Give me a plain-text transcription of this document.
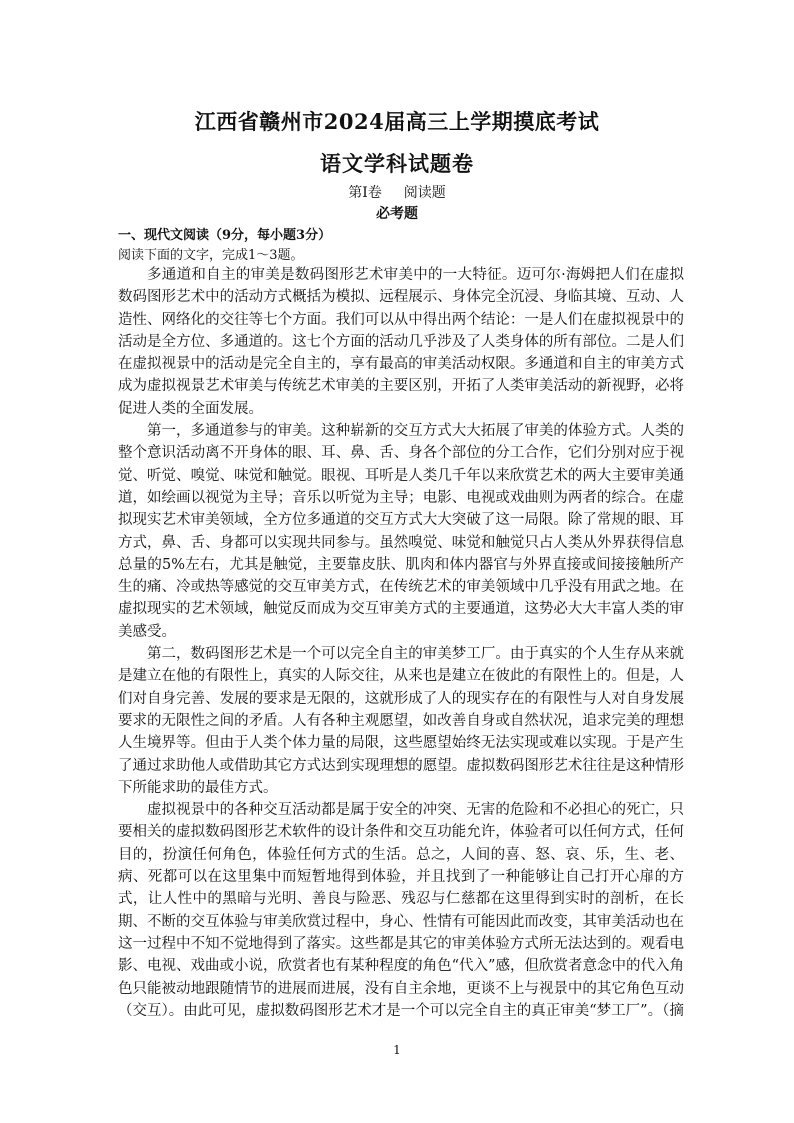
江西省赣州市2024届高三上学期摸底考试
语文学科试题卷
第Ⅰ卷 阅读题
必考题
一、现代文阅读（9分，每小题3分）
阅读下面的文字，完成1～3题。

多通道和自主的审美是数码图形艺术审美中的一大特征。迈可尔·海姆把人们在虚拟数码图形艺术中的活动方式概括为模拟、远程展示、身体完全沉浸、身临其境、互动、人造性、网络化的交往等七个方面。我们可以从中得出两个结论：一是人们在虚拟视景中的活动是全方位、多通道的。这七个方面的活动几乎涉及了人类身体的所有部位。二是人们在虚拟视景中的活动是完全自主的，享有最高的审美活动权限。多通道和自主的审美方式成为虚拟视景艺术审美与传统艺术审美的主要区别，开拓了人类审美活动的新视野，必将促进人类的全面发展。

第一，多通道参与的审美。这种崭新的交互方式大大拓展了审美的体验方式。人类的整个意识活动离不开身体的眼、耳、鼻、舌、身各个部位的分工合作，它们分别对应于视觉、听觉、嗅觉、味觉和触觉。眼视、耳听是人类几千年以来欣赏艺术的两大主要审美通道，如绘画以视觉为主导；音乐以听觉为主导；电影、电视或戏曲则为两者的综合。在虚拟现实艺术审美领域，全方位多通道的交互方式大大突破了这一局限。除了常规的眼、耳方式，鼻、舌、身都可以实现共同参与。虽然嗅觉、味觉和触觉只占人类从外界获得信息总量的5%左右，尤其是触觉，主要靠皮肤、肌肉和体内器官与外界直接或间接接触所产生的痛、冷或热等感觉的交互审美方式，在传统艺术的审美领域中几乎没有用武之地。在虚拟现实的艺术领域，触觉反而成为交互审美方式的主要通道，这势必大大丰富人类的审美感受。

第二，数码图形艺术是一个可以完全自主的审美梦工厂。由于真实的个人生存从来就是建立在他的有限性上，真实的人际交往，从来也是建立在彼此的有限性上的。但是，人们对自身完善、发展的要求是无限的，这就形成了人的现实存在的有限性与人对自身发展要求的无限性之间的矛盾。人有各种主观愿望，如改善自身或自然状况，追求完美的理想人生境界等。但由于人类个体力量的局限，这些愿望始终无法实现或难以实现。于是产生了通过求助他人或借助其它方式达到实现理想的愿望。虚拟数码图形艺术往往是这种情形下所能求助的最佳方式。

虚拟视景中的各种交互活动都是属于安全的冲突、无害的危险和不必担心的死亡，只要相关的虚拟数码图形艺术软件的设计条件和交互功能允许，体验者可以任何方式，任何目的，扮演任何角色，体验任何方式的生活。总之，人间的喜、怒、哀、乐，生、老、病、死都可以在这里集中而短暂地得到体验，并且找到了一种能够让自己打开心扉的方式，让人性中的黑暗与光明、善良与险恶、残忍与仁慈都在这里得到实时的剖析，在长期、不断的交互体验与审美欣赏过程中，身心、性情有可能因此而改变，其审美活动也在这一过程中不知不觉地得到了落实。这些都是其它的审美体验方式所无法达到的。观看电影、电视、戏曲或小说，欣赏者也有某种程度的角色“代入”感，但欣赏者意念中的代入角色只能被动地跟随情节的进展而进展，没有自主余地，更谈不上与视景中的其它角色互动（交互）。由此可见，虚拟数码图形艺术才是一个可以完全自主的真正审美“梦工厂”。（摘

1
